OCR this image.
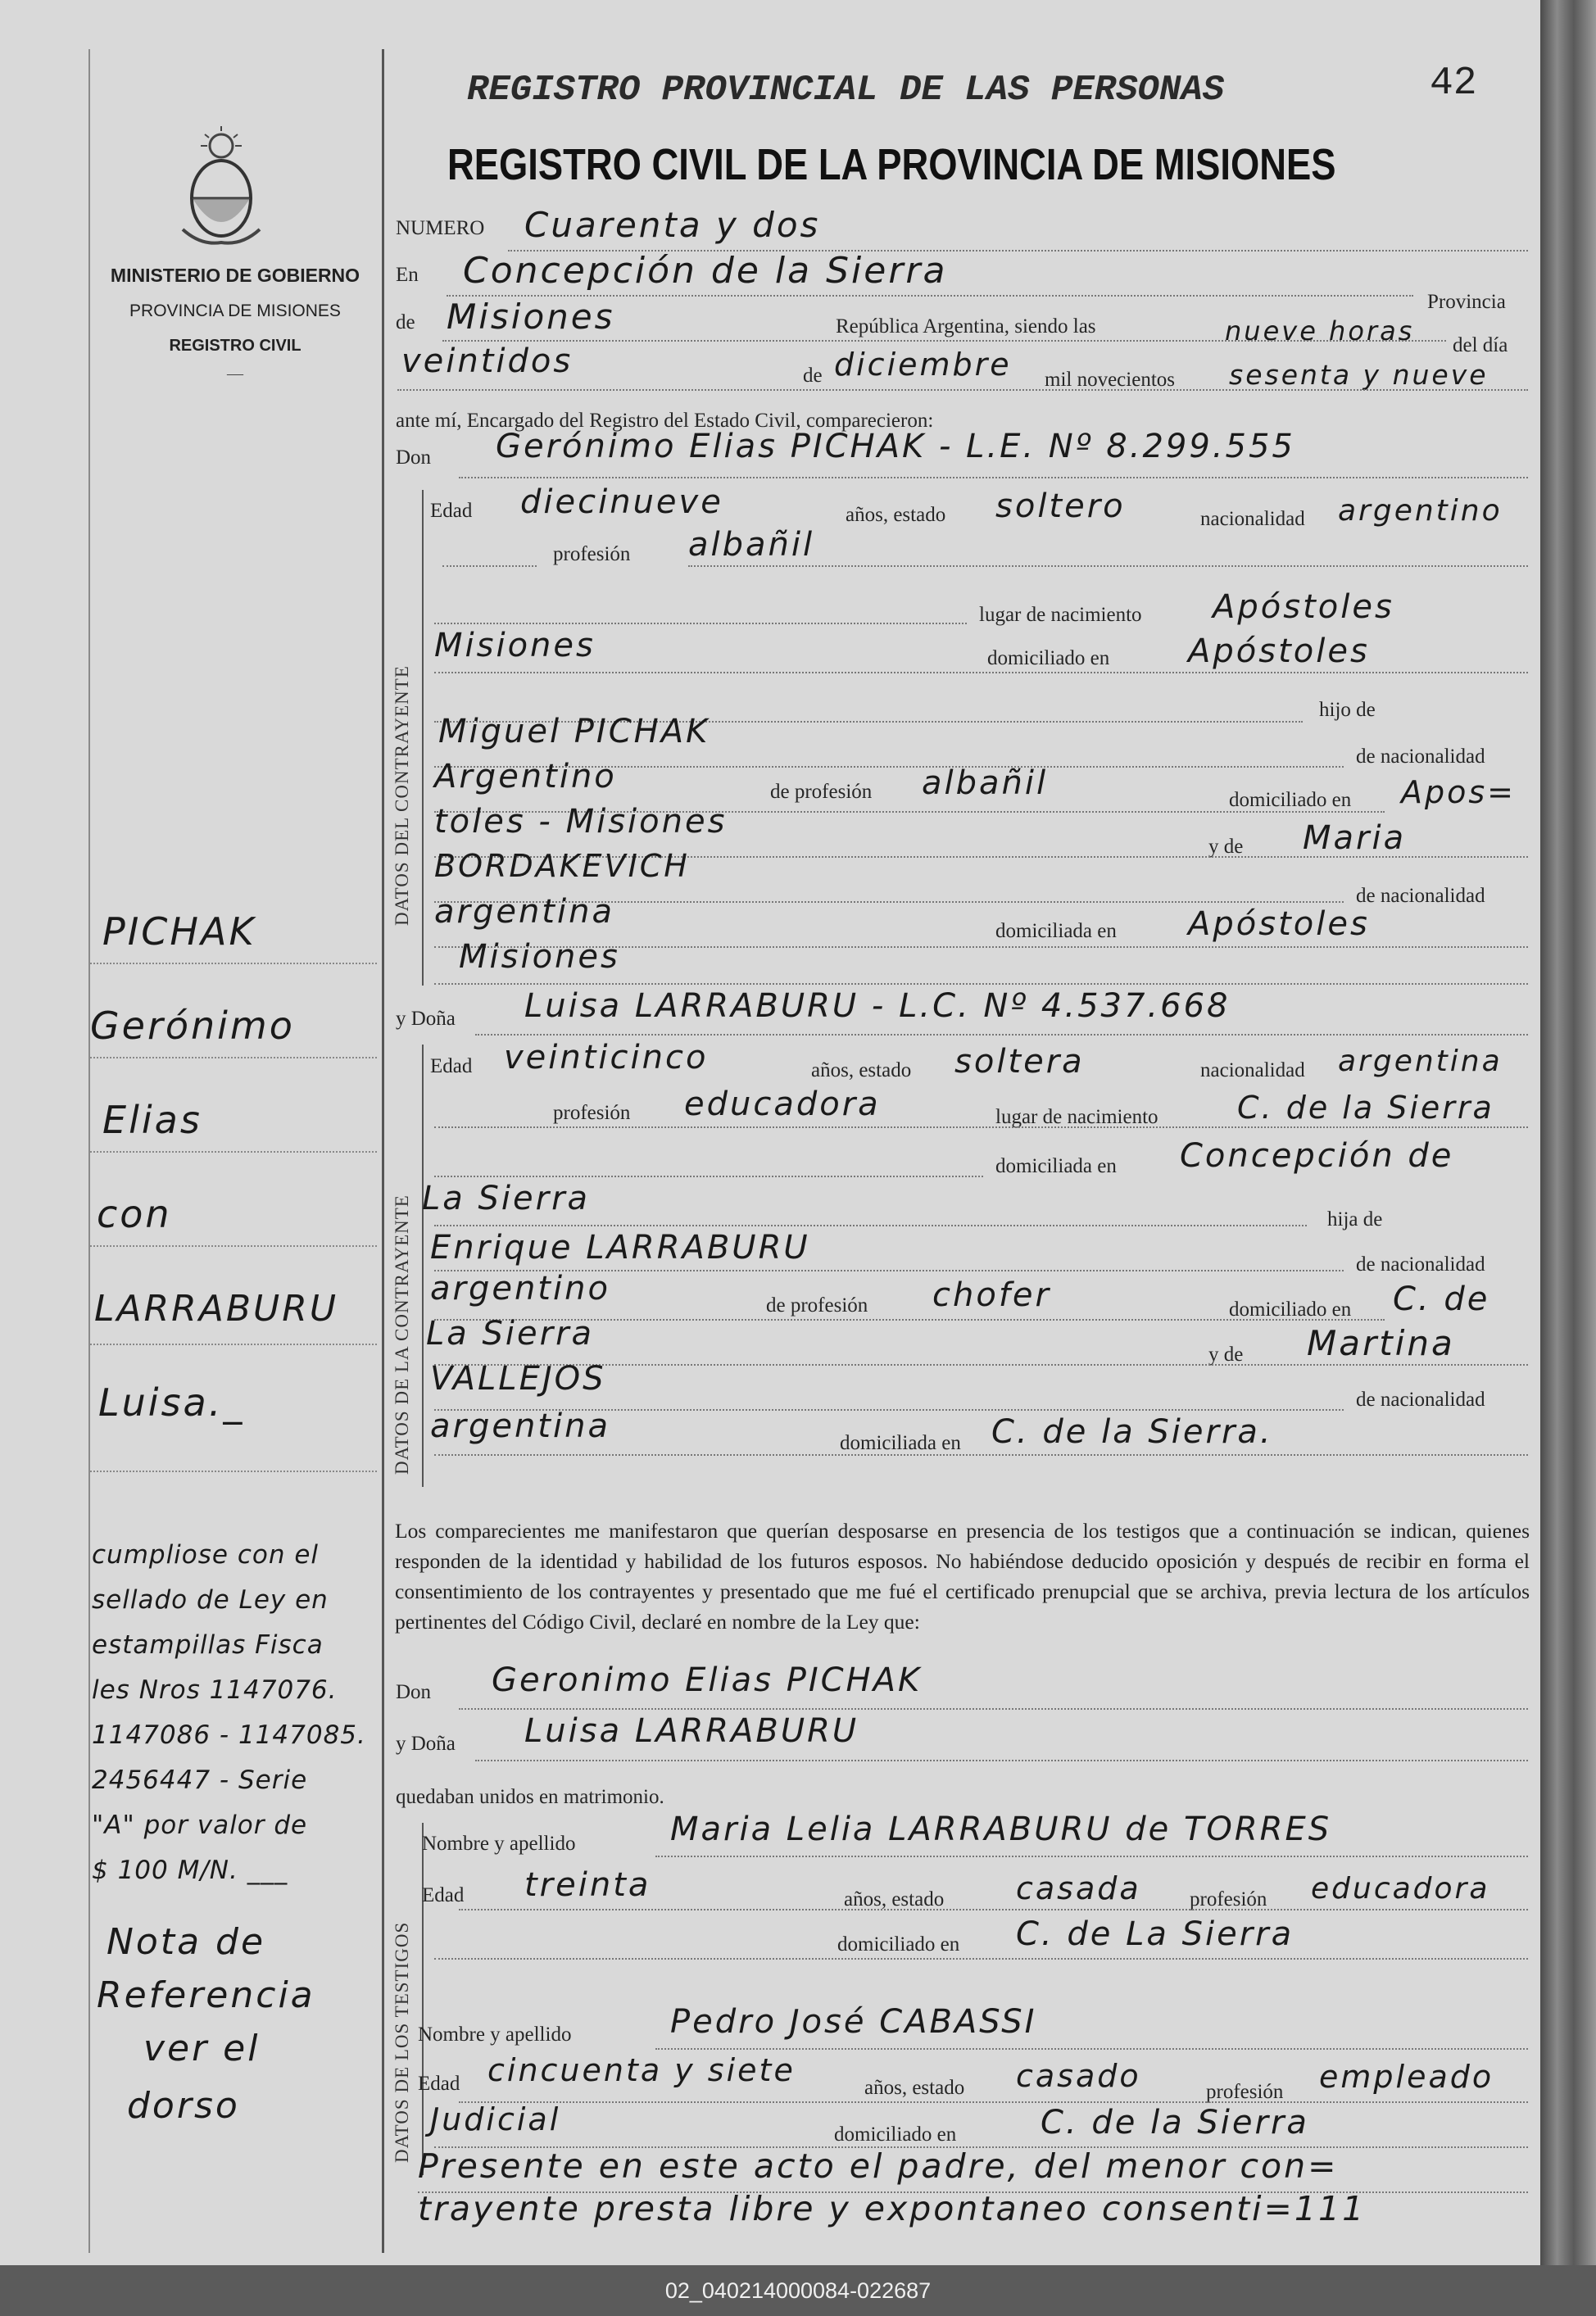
MINISTERIO DE GOBIERNO
PROVINCIA DE MISIONES
REGISTRO CIVIL
—
REGISTRO PROVINCIAL DE LAS PERSONAS	42
REGISTRO CIVIL DE LA PROVINCIA DE MISIONES
NUMERO Cuarenta y dos
En Concepción de la Sierra
Provincia
de Misiones	República Argentina, siendo las	nueve horas del día
veintidos	de diciembre mil novecientos sesenta y nueve
ante mí, Encargado del Registro del Estado Civil, comparecieron:
Don Gerónimo Elias PICHAK - L.E. Nº 8.299.555
DATOS DEL CONTRAYENTE
Edad diecinueve	años, estado soltero	nacionalidad argentino
profesión albañil
lugar de nacimiento Apóstoles
Misiones	domiciliado en Apóstoles
hijo de
Miguel PICHAK
de nacionalidad
Argentino	de profesión albañil	domiciliado en Apos=
toles - Misiones
y de Maria
BORDAKEVICH
de nacionalidad
argentina
domiciliada en Apóstoles
Misiones
y Doña Luisa LARRABURU - L.C. Nº 4.537.668
DATOS DE LA CONTRAYENTE
Edad veinticinco	años, estado soltera	nacionalidad argentina
profesión educadora	lugar de nacimiento	C. de la Sierra
domiciliada en Concepción de
La Sierra
hija de
Enrique LARRABURU	de nacionalidad
argentino	de profesión chofer	domiciliado en C. de
La Sierra
y de Martina
VALLEJOS
de nacionalidad
argentina	domiciliada en C. de la Sierra.
Los comparecientes me manifestaron que querían desposarse en presencia de los testigos que a continuación se indican, quienes responden de la identidad y habilidad de los futuros esposos. No habiéndose deducido oposición y después de recibir en forma el consentimiento de los contrayentes y presentado que me fué el certificado prenupcial que se archiva, previa lectura de los artículos pertinentes del Código Civil, declaré en nombre de la Ley que:
Don Geronimo Elias PICHAK
y Doña Luisa LARRABURU
quedaban unidos en matrimonio.
DATOS DE LOS TESTIGOS
Nombre y apellido	Maria Lelia LARRABURU de TORRES
Edad treinta	años, estado casada profesión educadora
domiciliado en C. de La Sierra
Nombre y apellido	Pedro José CABASSI
Edad cincuenta y siete	años, estado casado	profesión empleado
Judicial	domiciliado en	C. de la Sierra
Presente en este acto el padre, del menor con=
trayente presta libre y expontaneo consenti=111
PICHAK
Gerónimo
Elias
con
LARRABURU
Luisa._
cumpliose con el
sellado de Ley en
estampillas Fisca
les Nros 1147076.
1147086 - 1147085.
2456447 - Serie
"A" por valor de
$ 100 M/N. ___
Nota de
Referencia
ver el
dorso
02_040214000084-022687
